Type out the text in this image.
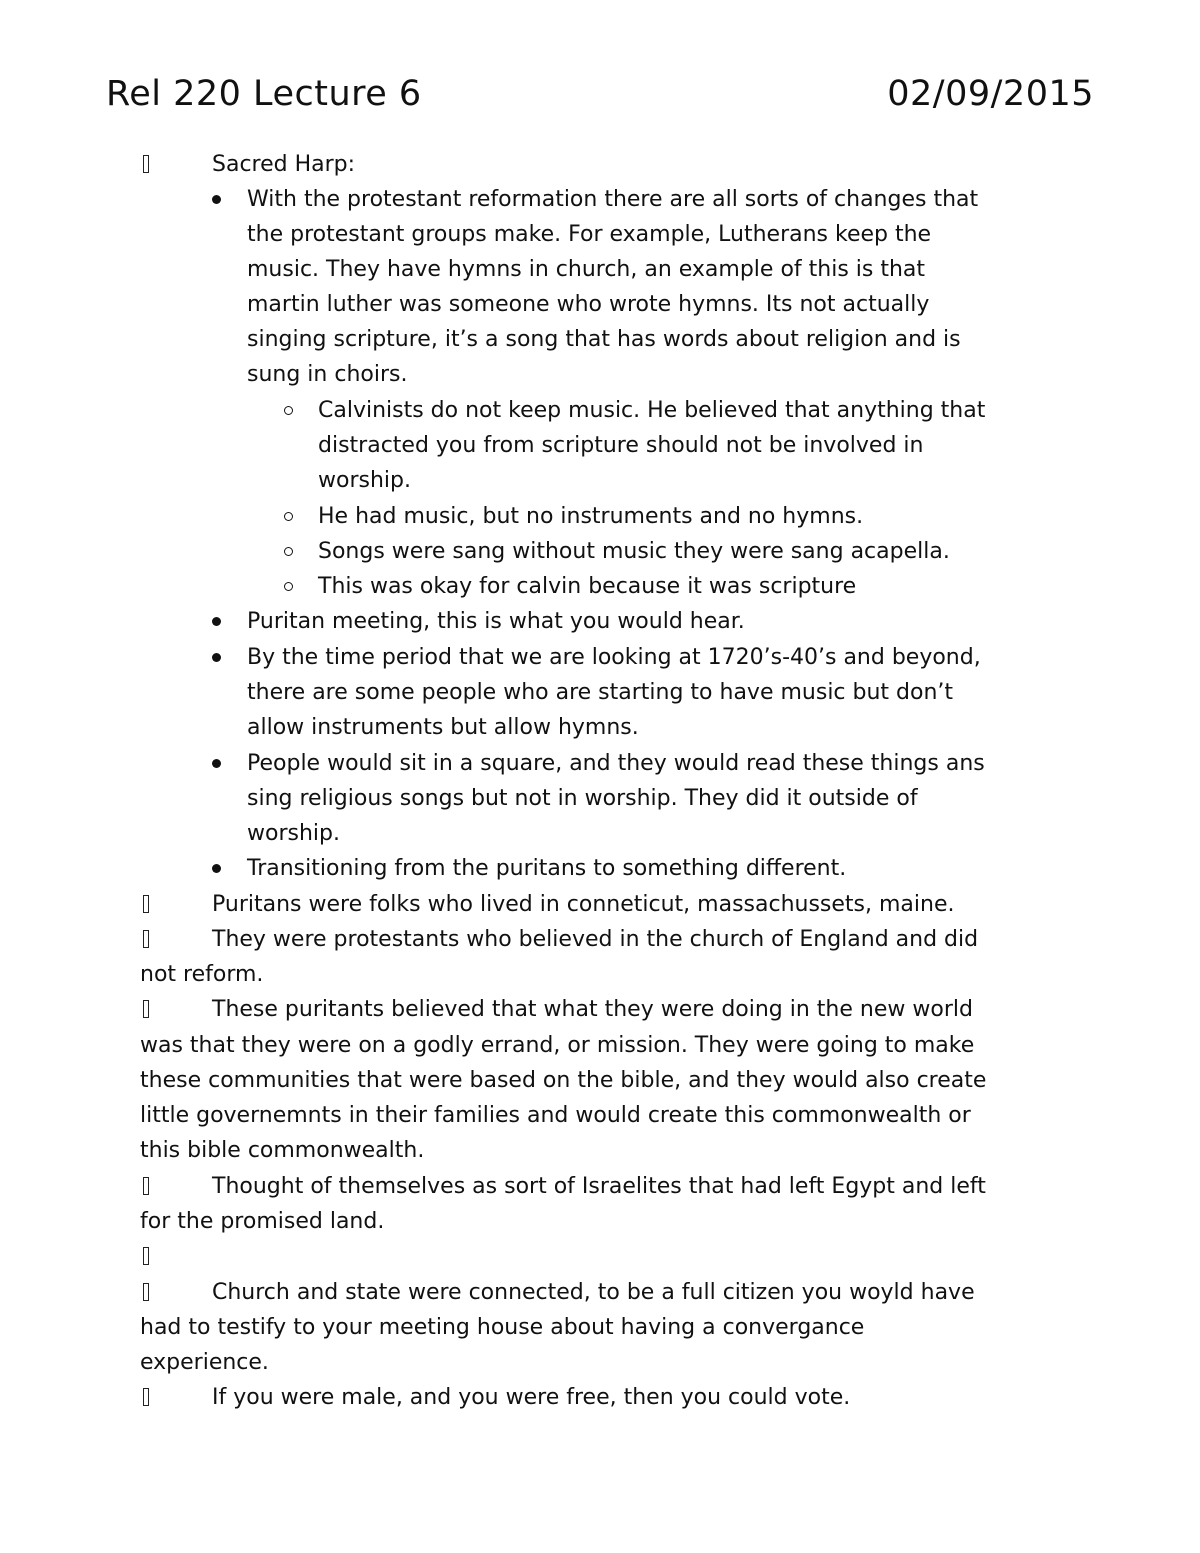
Rel 220 Lecture 6	02/09/2015
Sacred Harp:
With the protestant reformation there are all sorts of changes that
the protestant groups make. For example, Lutherans keep the
music. They have hymns in church, an example of this is that
martin luther was someone who wrote hymns. Its not actually
singing scripture, it’s a song that has words about religion and is
sung in choirs.
Calvinists do not keep music. He believed that anything that
distracted you from scripture should not be involved in
worship.
He had music, but no instruments and no hymns.
Songs were sang without music they were sang acapella.
This was okay for calvin because it was scripture
Puritan meeting, this is what you would hear.
By the time period that we are looking at 1720’s-40’s and beyond,
there are some people who are starting to have music but don’t
allow instruments but allow hymns.
People would sit in a square, and they would read these things ans
sing religious songs but not in worship. They did it outside of
worship.
Transitioning from the puritans to something different.
Puritans were folks who lived in conneticut, massachussets, maine.
They were protestants who believed in the church of England and did
not reform.
These puritants believed that what they were doing in the new world
was that they were on a godly errand, or mission. They were going to make
these communities that were based on the bible, and they would also create
little governemnts in their families and would create this commonwealth or
this bible commonwealth.
Thought of themselves as sort of Israelites that had left Egypt and left
for the promised land.
Church and state were connected, to be a full citizen you woyld have
had to testify to your meeting house about having a convergance
experience.
If you were male, and you were free, then you could vote.
